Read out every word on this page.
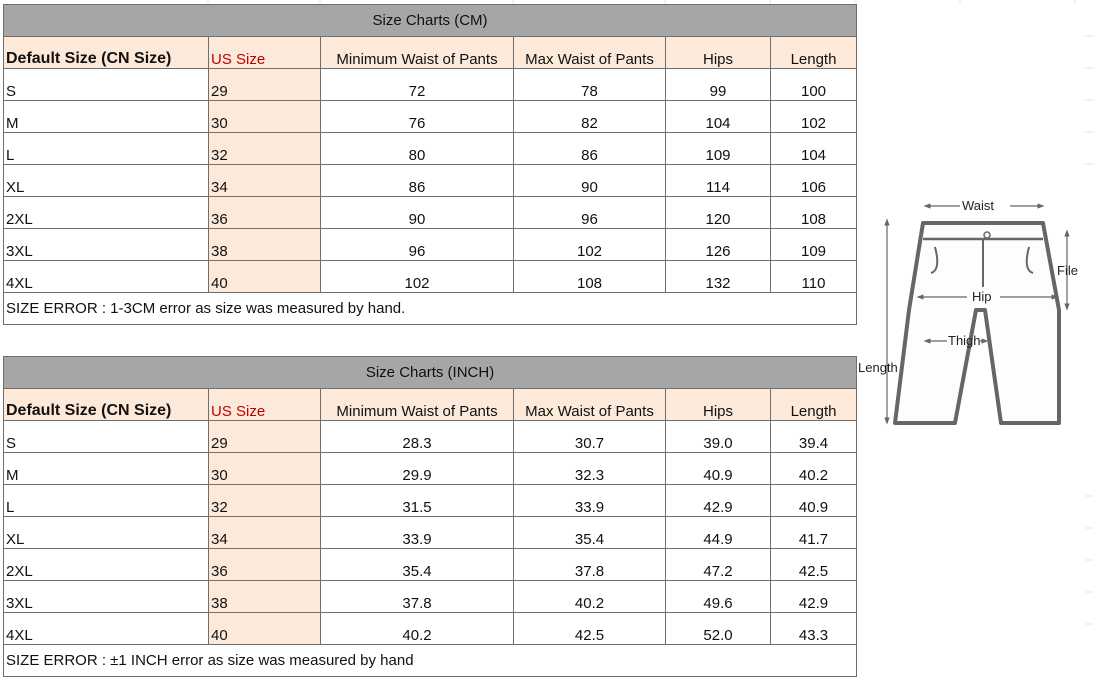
Size Charts (CM)					
Default Size (CN Size)	US Size	Minimum Waist of Pants	Max Waist of Pants	Hips	Length
S	29	72	78	99	100
M	30	76	82	104	102
L	32	80	86	109	104
XL	34	86	90	114	106
2XL	36	90	96	120	108
3XL	38	96	102	126	109
4XL	40	102	108	132	110
SIZE ERROR : 1-3CM error as size was measured by hand.					
Size Charts (INCH)					
Default Size (CN Size)	US Size	Minimum Waist of Pants	Max Waist of Pants	Hips	Length
S	29	28.3	30.7	39.0	39.4
M	30	29.9	32.3	40.9	40.2
L	32	31.5	33.9	42.9	40.9
XL	34	33.9	35.4	44.9	41.7
2XL	36	35.4	37.8	47.2	42.5
3XL	38	37.8	40.2	49.6	42.9
4XL	40	40.2	42.5	52.0	43.3
SIZE ERROR : ±1 INCH error as size was measured by hand					
Waist
File
Hip
Thigh
Length
